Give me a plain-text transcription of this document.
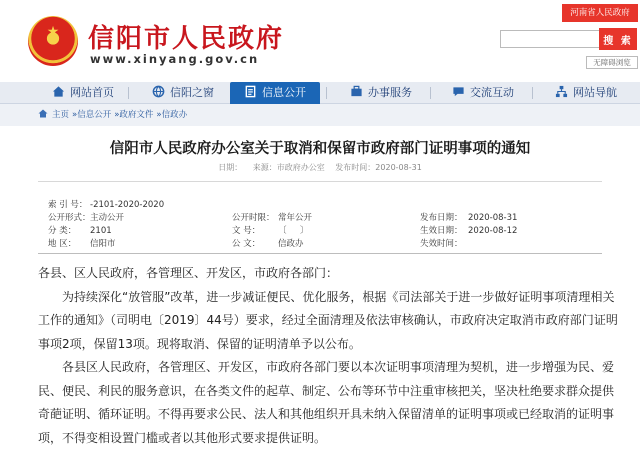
★	信阳市人民政府
www.xinyang.gov.cn
河南省人民政府
搜 索
无障碍浏览
网站首页	信阳之窗	信息公开	办事服务	交流互动	网站导航
主页 »信息公开 »政府文件 »信政办
信阳市人民政府办公室关于取消和保留市政府部门证明事项的通知
日期： 来源：市政府办公室 发布时间：2020-08-31
索 引 号： -2101-2020-2020
公开形式： 主动公开	公开时限： 常年公开	发布日期： 2020-08-31
分 类： 2101	文 号： 〔 〕	生效日期： 2020-08-12
地 区： 信阳市	公 文： 信政办	失效时间：

各县、区人民政府，各管理区、开发区，市政府各部门：

为持续深化“放管服”改革，进一步减证便民、优化服务，根据《司法部关于进一步做好证明事项清理相关工作的通知》（司明电〔2019〕44号）要求，经过全面清理及依法审核确认，市政府决定取消市政府部门证明事项2项，保留13项。现将取消、保留的证明清单予以公布。

各县区人民政府，各管理区、开发区，市政府各部门要以本次证明事项清理为契机，进一步增强为民、爱民、便民、利民的服务意识，在各类文件的起草、制定、公布等环节中注重审核把关，坚决杜绝要求群众提供奇葩证明、循环证明。不得再要求公民、法人和其他组织开具未纳入保留清单的证明事项或已经取消的证明事项，不得变相设置门槛或者以其他形式要求提供证明。
